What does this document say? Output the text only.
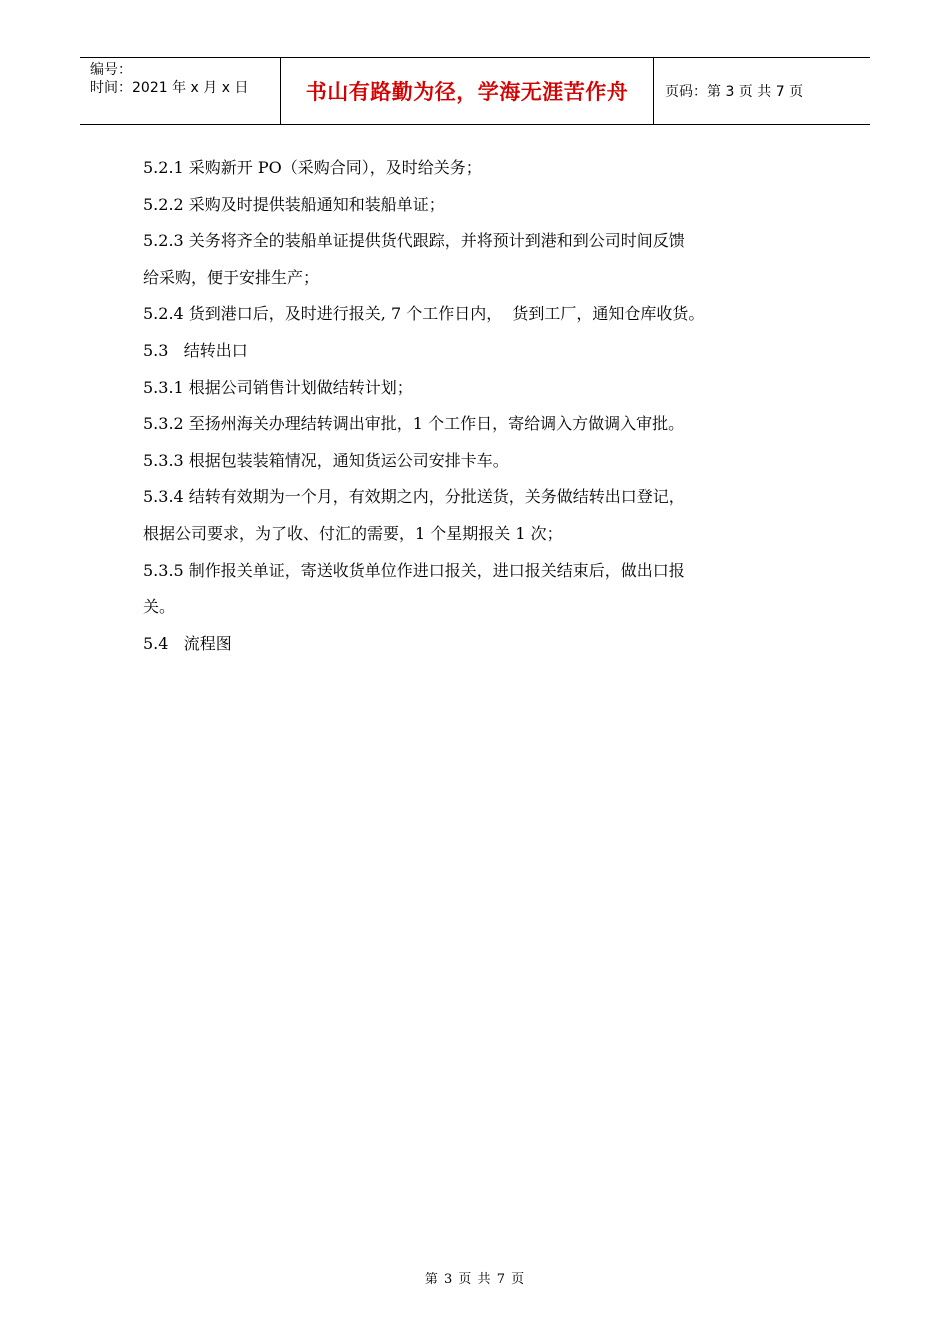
编号：
时间：2021 年 x 月 x 日	书山有路勤为径，学海无涯苦作舟	页码：第 3 页 共 7 页

5.2.1 采购新开 PO（采购合同），及时给关务；

5.2.2 采购及时提供装船通知和装船单证；

5.2.3 关务将齐全的装船单证提供货代跟踪，并将预计到港和到公司时间反馈

给采购，便于安排生产；

5.2.4 货到港口后，及时进行报关, 7 个工作日内，  货到工厂，通知仓库收货。

5.3   结转出口

5.3.1 根据公司销售计划做结转计划；

5.3.2 至扬州海关办理结转调出审批，1 个工作日，寄给调入方做调入审批。

5.3.3 根据包装装箱情况，通知货运公司安排卡车。

5.3.4 结转有效期为一个月，有效期之内，分批送货，关务做结转出口登记，

根据公司要求，为了收、付汇的需要，1 个星期报关 1 次；

5.3.5 制作报关单证，寄送收货单位作进口报关，进口报关结束后，做出口报

关。

5.4   流程图

第 3 页 共 7 页
